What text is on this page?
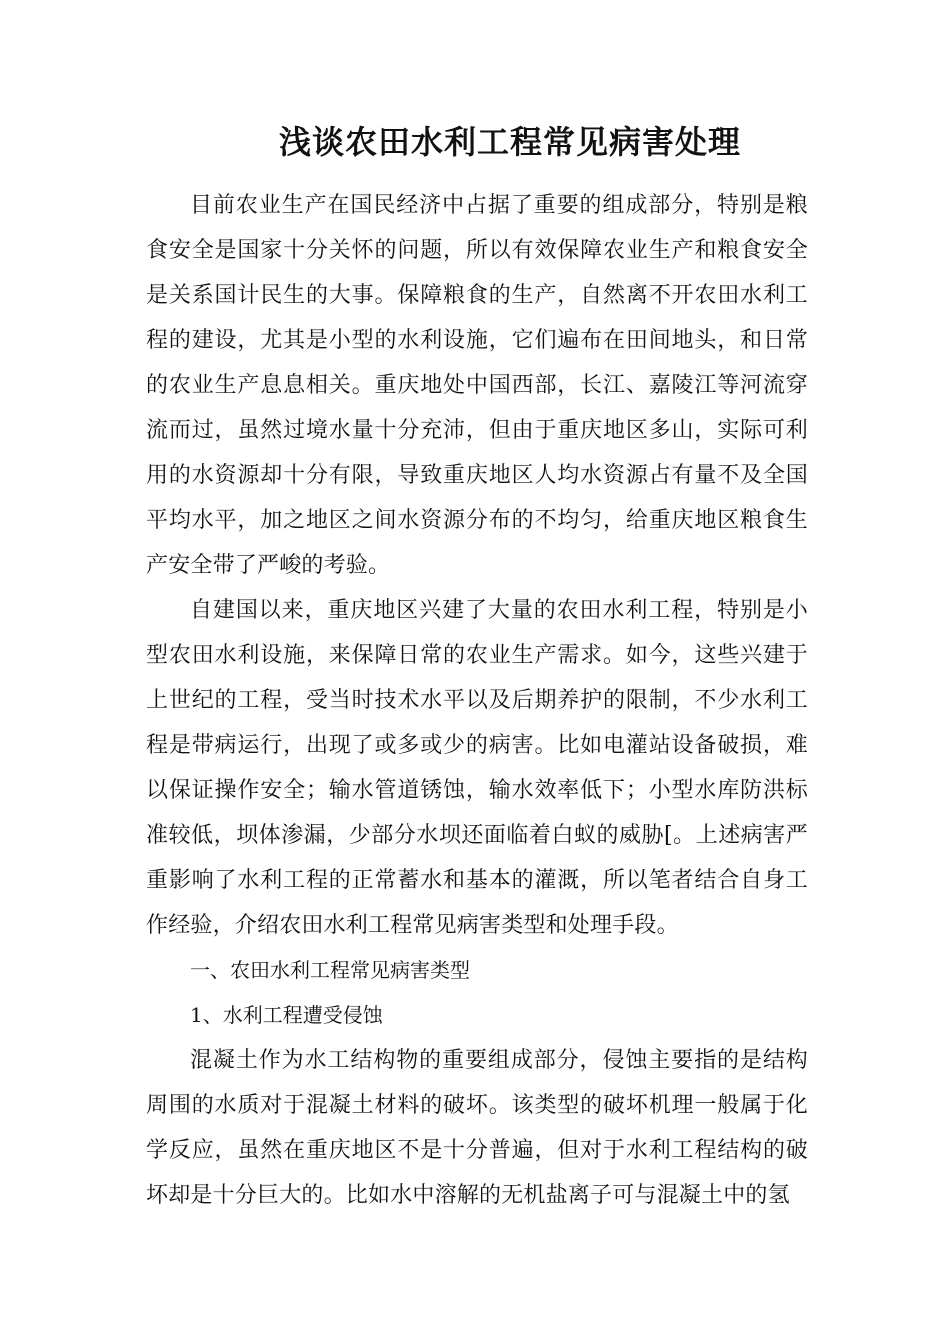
浅谈农田水利工程常见病害处理

目前农业生产在国民经济中占据了重要的组成部分，特别是粮食安全是国家十分关怀的问题，所以有效保障农业生产和粮食安全是关系国计民生的大事。保障粮食的生产，自然离不开农田水利工程的建设，尤其是小型的水利设施，它们遍布在田间地头，和日常的农业生产息息相关。重庆地处中国西部，长江、嘉陵江等河流穿流而过，虽然过境水量十分充沛，但由于重庆地区多山，实际可利用的水资源却十分有限，导致重庆地区人均水资源占有量不及全国平均水平，加之地区之间水资源分布的不均匀，给重庆地区粮食生产安全带了严峻的考验。

自建国以来，重庆地区兴建了大量的农田水利工程，特别是小型农田水利设施，来保障日常的农业生产需求。如今，这些兴建于上世纪的工程，受当时技术水平以及后期养护的限制，不少水利工程是带病运行，出现了或多或少的病害。比如电灌站设备破损，难以保证操作安全；输水管道锈蚀，输水效率低下；小型水库防洪标准较低，坝体渗漏，少部分水坝还面临着白蚁的威胁[。上述病害严重影响了水利工程的正常蓄水和基本的灌溉，所以笔者结合自身工作经验，介绍农田水利工程常见病害类型和处理手段。

一、农田水利工程常见病害类型

1、水利工程遭受侵蚀

混凝土作为水工结构物的重要组成部分，侵蚀主要指的是结构周围的水质对于混凝土材料的破坏。该类型的破坏机理一般属于化学反应，虽然在重庆地区不是十分普遍，但对于水利工程结构的破坏却是十分巨大的。比如水中溶解的无机盐离子可与混凝土中的氢
